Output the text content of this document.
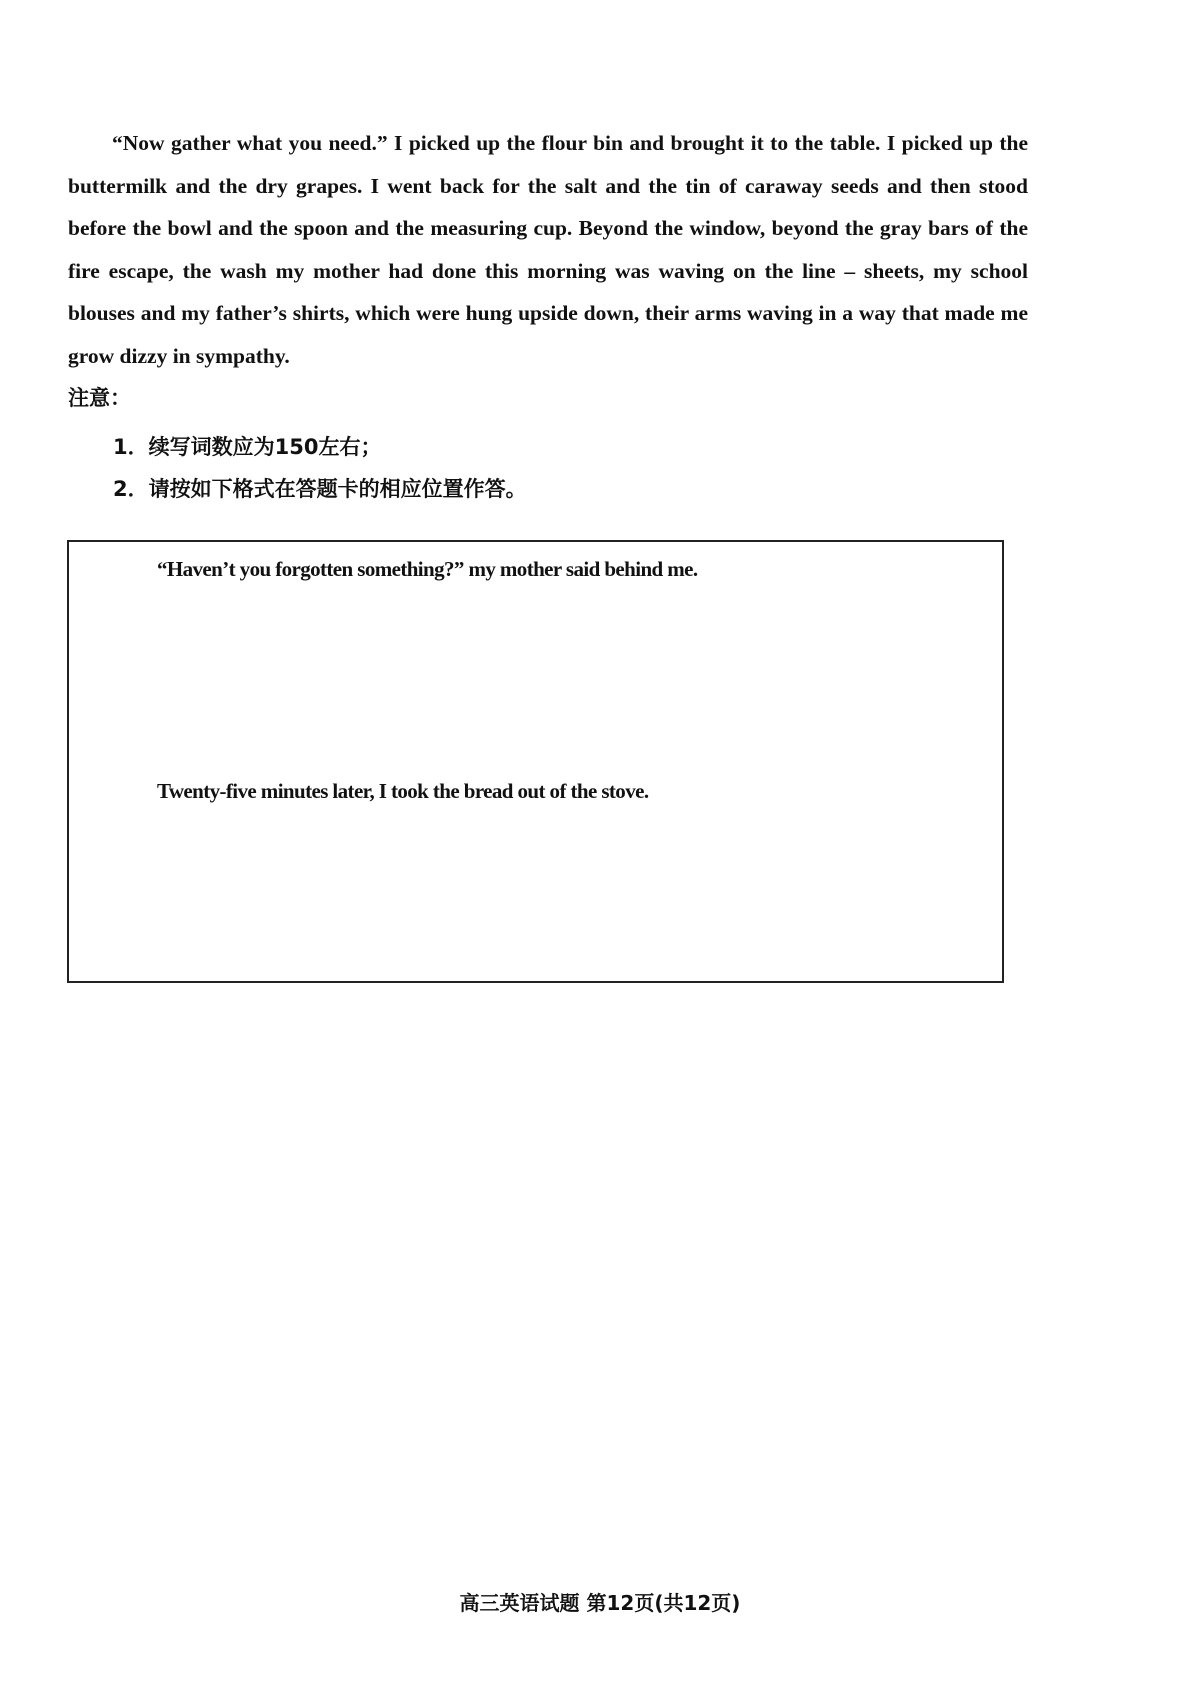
“Now gather what you need.” I picked up the flour bin and brought it to the table. I picked up the buttermilk and the dry grapes. I went back for the salt and the tin of caraway seeds and then stood before the bowl and the spoon and the measuring cup. Beyond the window, beyond the gray bars of the fire escape, the wash my mother had done this morning was waving on the line – sheets, my school blouses and my father’s shirts, which were hung upside down, their arms waving in a way that made me grow dizzy in sympathy.

注意：

1．续写词数应为150左右；
2．请按如下格式在答题卡的相应位置作答。

“Haven’t you forgotten something?” my mother said behind me.

Twenty-five minutes later, I took the bread out of the stove.

高三英语试题 第12页(共12页)
